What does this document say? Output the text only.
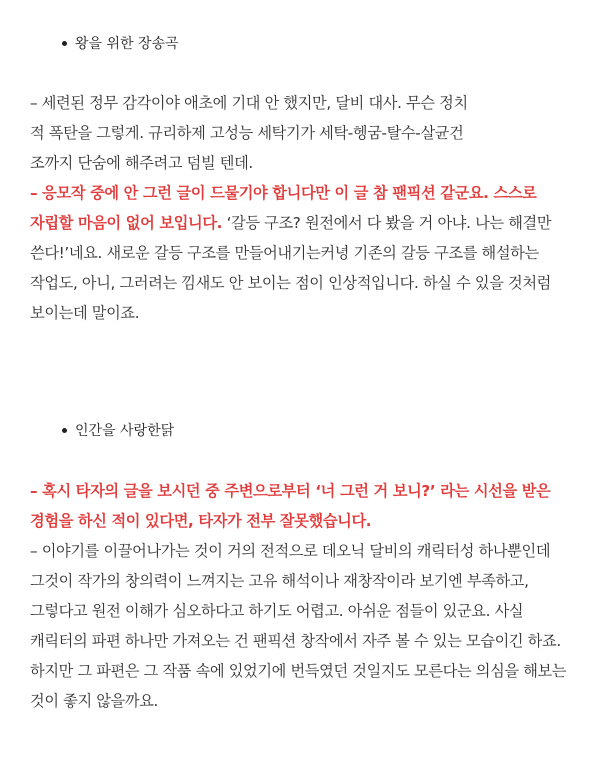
왕을 위한 장송곡
– 세련된 정무 감각이야 애초에 기대 안 했지만, 달비 대사. 무슨 정치
적 폭탄을 그렇게. 규리하제 고성능 세탁기가 세탁-헹굼-탈수-살균건
조까지 단숨에 해주려고 덤빌 텐데.
– 응모작 중에 안 그런 글이 드물기야 합니다만 이 글 참 팬픽션 같군요. 스스로 자립할 마음이 없어 보입니다. ‘갈등 구조? 원전에서 다 봤을 거 아냐. 나는 해결만 쓴다!’네요. 새로운 갈등 구조를 만들어내기는커녕 기존의 갈등 구조를 해설하는 작업도, 아니, 그러려는 낌새도 안 보이는 점이 인상적입니다. 하실 수 있을 것처럼 보이는데 말이죠.
인간을 사랑한닭
– 혹시 타자의 글을 보시던 중 주변으로부터 ‘너 그런 거 보니?’ 라는 시선을 받은 경험을 하신 적이 있다면, 타자가 전부 잘못했습니다.
– 이야기를 이끌어나가는 것이 거의 전적으로 데오닉 달비의 캐릭터성 하나뿐인데 그것이 작가의 창의력이 느껴지는 고유 해석이나 재창작이라 보기엔 부족하고, 그렇다고 원전 이해가 심오하다고 하기도 어렵고. 아쉬운 점들이 있군요. 사실 캐릭터의 파편 하나만 가져오는 건 팬픽션 창작에서 자주 볼 수 있는 모습이긴 하죠. 하지만 그 파편은 그 작품 속에 있었기에 번득였던 것일지도 모른다는 의심을 해보는 것이 좋지 않을까요.
